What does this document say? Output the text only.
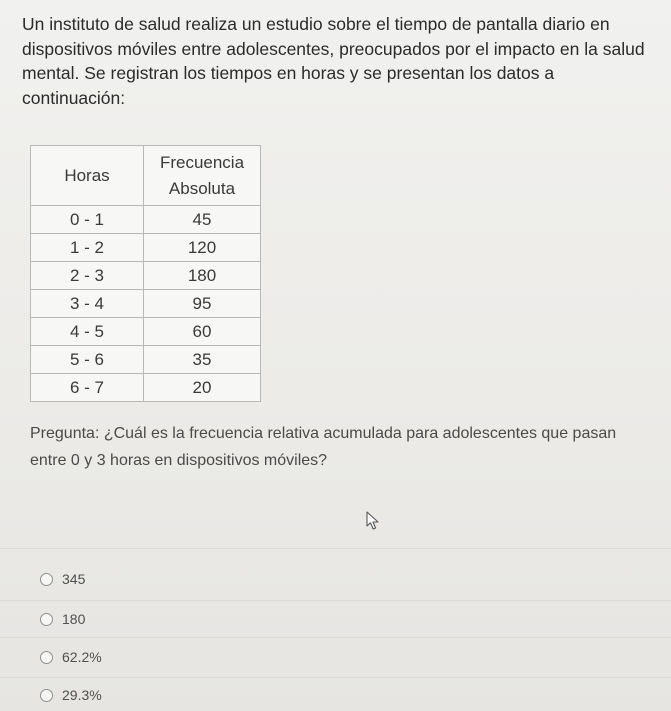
Un instituto de salud realiza un estudio sobre el tiempo de pantalla diario en dispositivos móviles entre adolescentes, preocupados por el impacto en la salud mental. Se registran los tiempos en horas y se presentan los datos a continuación:

Horas	Frecuencia
Absoluta
0 - 1	45
1 - 2	120
2 - 3	180
3 - 4	95
4 - 5	60
5 - 6	35
6 - 7	20

Pregunta: ¿Cuál es la frecuencia relativa acumulada para adolescentes que pasan entre 0 y 3 horas en dispositivos móviles?

345
180
62.2%
29.3%
